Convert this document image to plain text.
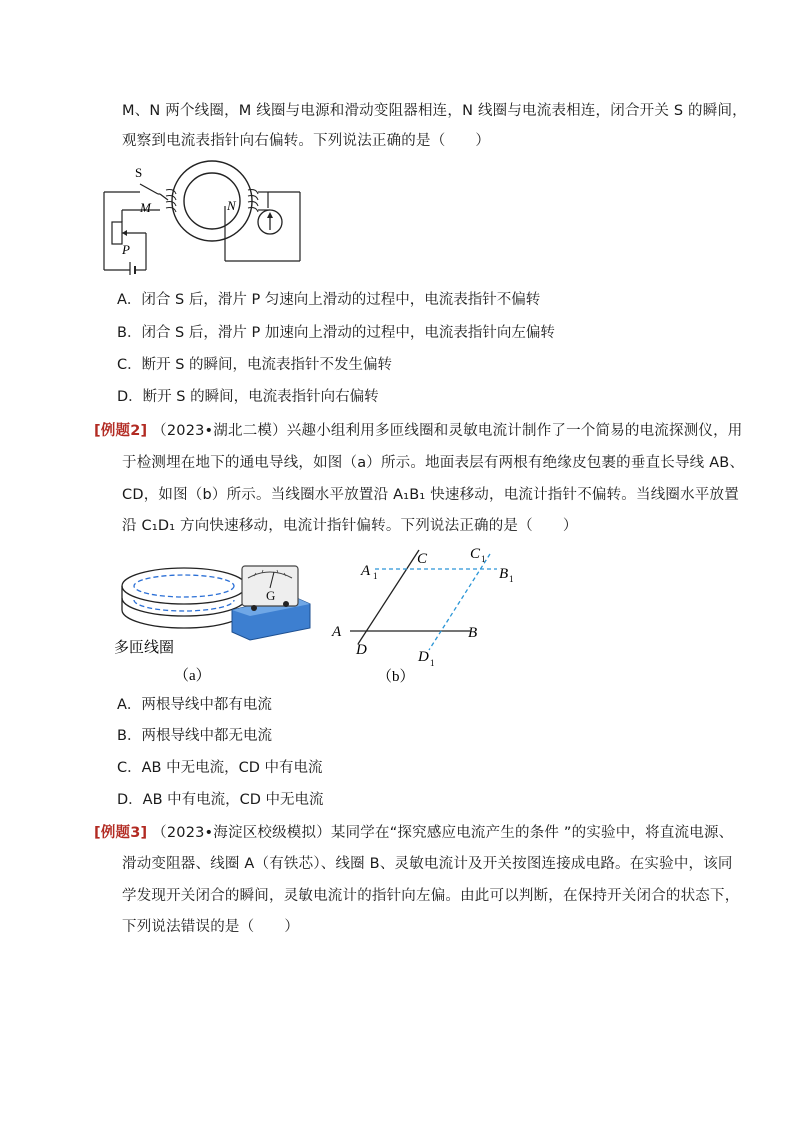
M、N 两个线圈，M 线圈与电源和滑动变阻器相连，N 线圈与电流表相连，闭合开关 S 的瞬间，
观察到电流表指针向右偏转。下列说法正确的是（ ）
S
P
M	N
A．闭合 S 后，滑片 P 匀速向上滑动的过程中，电流表指针不偏转
B．闭合 S 后，滑片 P 加速向上滑动的过程中，电流表指针向左偏转
C．断开 S 的瞬间，电流表指针不发生偏转
D．断开 S 的瞬间，电流表指针向右偏转
[例题2] （2023•湖北二模）兴趣小组利用多匝线圈和灵敏电流计制作了一个简易的电流探测仪，用
于检测埋在地下的通电导线，如图（a）所示。地面表层有两根有绝缘皮包裹的垂直长导线 AB、
CD，如图（b）所示。当线圈水平放置沿 A₁B₁ 快速移动，电流计指针不偏转。当线圈水平放置
沿 C₁D₁ 方向快速移动，电流计指针偏转。下列说法正确的是（ ）
G
多匝线圈
（a）
A 1
C	C 1
B 1
A	B
D	D 1
（b）
A．两根导线中都有电流
B．两根导线中都无电流
C．AB 中无电流，CD 中有电流
D．AB 中有电流，CD 中无电流
[例题3] （2023•海淀区校级模拟）某同学在“探究感应电流产生的条件 ”的实验中，将直流电源、
滑动变阻器、线圈 A（有铁芯）、线圈 B、灵敏电流计及开关按图连接成电路。在实验中，该同
学发现开关闭合的瞬间，灵敏电流计的指针向左偏。由此可以判断，在保持开关闭合的状态下，
下列说法错误的是（ ）
